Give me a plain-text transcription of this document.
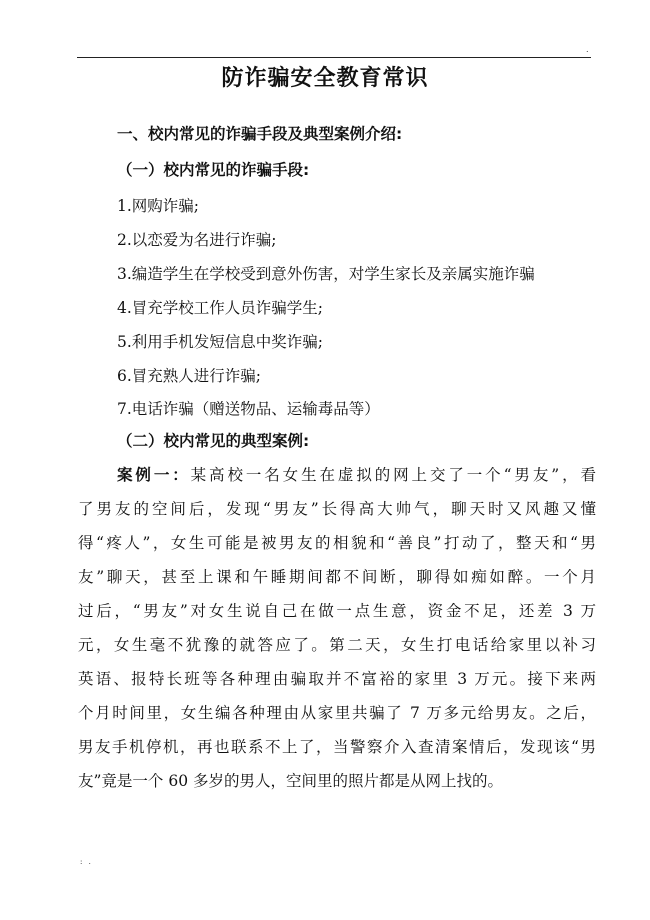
.
防诈骗安全教育常识
一、校内常见的诈骗手段及典型案例介绍:
（一）校内常见的诈骗手段:
1.网购诈骗;
2.以恋爱为名进行诈骗;
3.编造学生在学校受到意外伤害，对学生家长及亲属实施诈骗
4.冒充学校工作人员诈骗学生;
5.利用手机发短信息中奖诈骗;
6.冒充熟人进行诈骗;
7.电话诈骗（赠送物品、运输毒品等）
（二）校内常见的典型案例:
案例一：某高校一名女生在虚拟的网上交了一个“男友”，看
了男友的空间后，发现“男友”长得高大帅气，聊天时又风趣又懂
得“疼人”，女生可能是被男友的相貌和“善良”打动了，整天和“男
友”聊天，甚至上课和午睡期间都不间断，聊得如痴如醉。一个月
过后，“男友”对女生说自己在做一点生意，资金不足，还差 3 万
元，女生毫不犹豫的就答应了。第二天，女生打电话给家里以补习
英语、报特长班等各种理由骗取并不富裕的家里 3 万元。接下来两
个月时间里，女生编各种理由从家里共骗了 7 万多元给男友。之后，
男友手机停机，再也联系不上了，当警察介入查清案情后，发现该“男
友”竟是一个 60 多岁的男人，空间里的照片都是从网上找的。
: .
